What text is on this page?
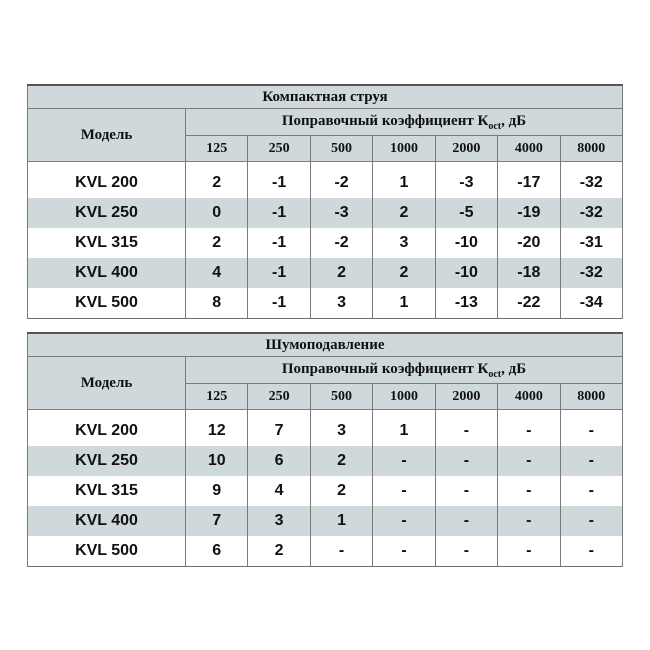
Компактная струя							
Модель	Поправочный коэффициент $К_{oct}$, дБ						
	125	250	500	1000	2000	4000	8000
KVL 200	2	-1	-2	1	-3	-17	-32
KVL 250	0	-1	-3	2	-5	-19	-32
KVL 315	2	-1	-2	3	-10	-20	-31
KVL 400	4	-1	2	2	-10	-18	-32
KVL 500	8	-1	3	1	-13	-22	-34
Шумоподавление							
Модель	Поправочный коэффициент $К_{oct}$, дБ						
	125	250	500	1000	2000	4000	8000
KVL 200	12	7	3	1	-	-	-
KVL 250	10	6	2	-	-	-	-
KVL 315	9	4	2	-	-	-	-
KVL 400	7	3	1	-	-	-	-
KVL 500	6	2	-	-	-	-	-
